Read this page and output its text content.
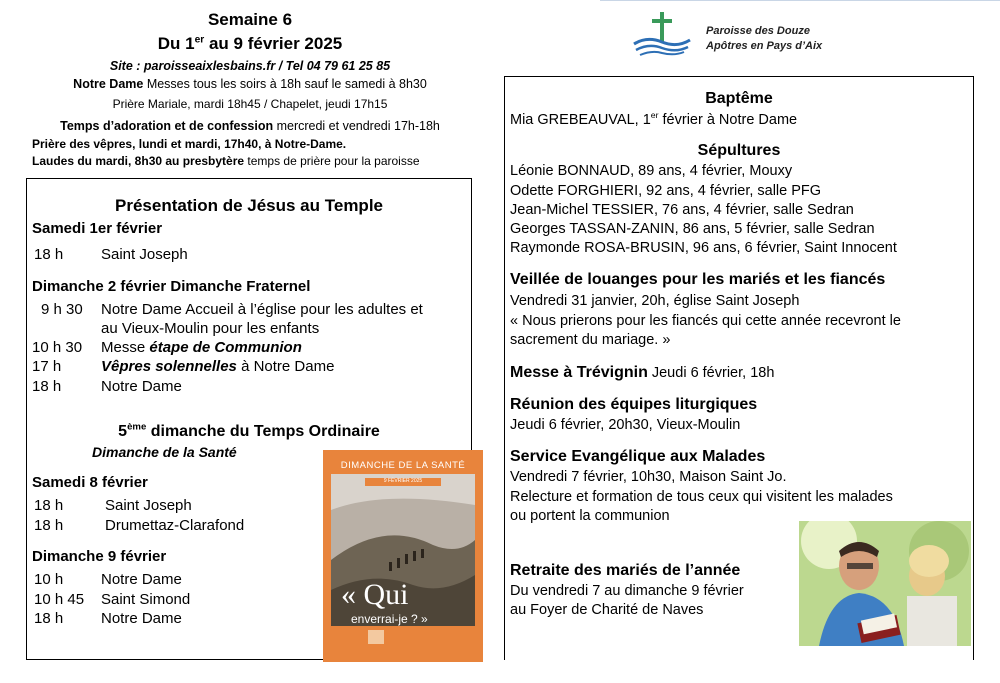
Semaine 6
Du 1er au 9 février 2025
Site : paroisseaixlesbains.fr / Tel 04 79 61 25 85
Notre Dame Messes tous les soirs à 18h sauf le samedi à 8h30
Prière Mariale, mardi 18h45 / Chapelet, jeudi 17h15
Temps d’adoration et de confession mercredi et vendredi 17h-18h
Prière des vêpres, lundi et mardi, 17h40, à Notre-Dame.
Laudes du mardi, 8h30 au presbytère temps de prière pour la paroisse
Paroisse des Douze
Apôtres en Pays d’Aix
Présentation de Jésus au Temple
Samedi 1er février
18 h	Saint Joseph
Dimanche 2 février Dimanche Fraternel
9 h 30 Notre Dame Accueil à l’église pour les adultes et
au Vieux-Moulin pour les enfants
10 h 30 Messe étape de Communion
17 h	Vêpres solennelles à Notre Dame
18 h	Notre Dame
5ème dimanche du Temps Ordinaire
Dimanche de la Santé
Samedi 8 février
18 h	Saint Joseph
18 h	Drumettaz-Clarafond
Dimanche 9 février
10 h	Notre Dame
10 h 45 Saint Simond
18 h	Notre Dame
DIMANCHE DE LA SANTÉ
9 FÉVRIER 2025
« Qui
enverrai-je ? »
Baptême
Mia GREBEAUVAL, 1er février à Notre Dame
Sépultures
Léonie BONNAUD, 89 ans, 4 février, Mouxy
Odette FORGHIERI, 92 ans, 4 février, salle PFG
Jean-Michel TESSIER, 76 ans, 4 février, salle Sedran
Georges TASSAN-ZANIN, 86 ans, 5 février, salle Sedran
Raymonde ROSA-BRUSIN, 96 ans, 6 février, Saint Innocent
Veillée de louanges pour les mariés et les fiancés
Vendredi 31 janvier, 20h, église Saint Joseph
« Nous prierons pour les fiancés qui cette année recevront le
sacrement du mariage. »
Messe à Trévignin Jeudi 6 février, 18h
Réunion des équipes liturgiques
Jeudi 6 février, 20h30, Vieux-Moulin
Service Evangélique aux Malades
Vendredi 7 février, 10h30, Maison Saint Jo.
Relecture et formation de tous ceux qui visitent les malades
ou portent la communion
Retraite des mariés de l’année
Du vendredi 7 au dimanche 9 février
au Foyer de Charité de Naves
